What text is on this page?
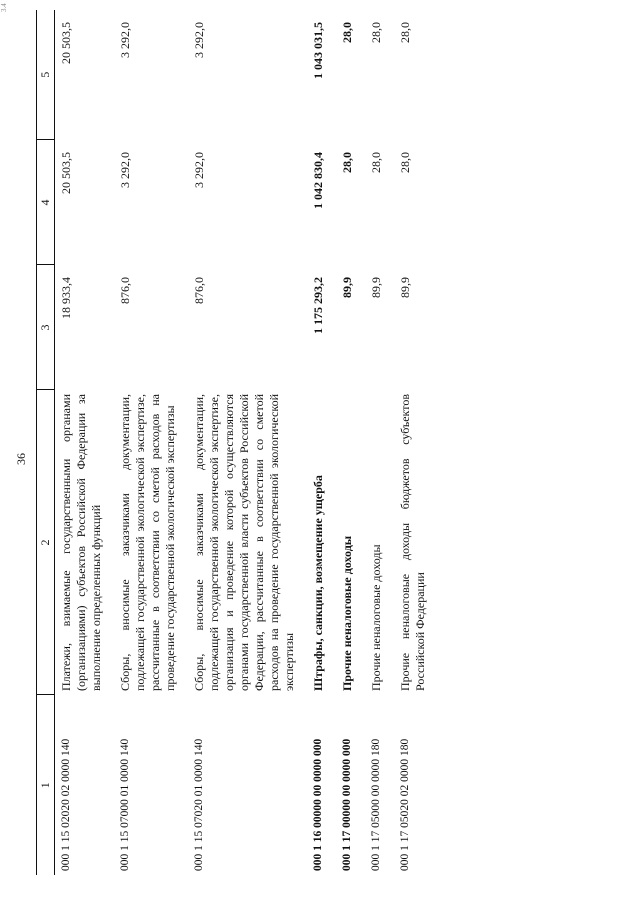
3.4
36
1	2	3	4	5
000 1 15 02020 02 0000 140	Платежи, взимаемые государственными органами (организациями) субъектов Российской Федерации за выполнение определенных функций	18 933,4	20 503,5	20 503,5
000 1 15 07000 01 0000 140	Сборы, вносимые заказчиками документации, подлежащей государственной экологической экспертизе, рассчитанные в соответствии со сметой расходов на проведение государственной экологической экспертизы	876,0	3 292,0	3 292,0
000 1 15 07020 01 0000 140	Сборы, вносимые заказчиками документации, подлежащей государственной экологической экспертизе, организация и проведение которой осуществляются органами государственной власти субъектов Российской Федерации, рассчитанные в соответствии со сметой расходов на проведение государственной экологической экспертизы	876,0	3 292,0	3 292,0
000 1 16 00000 00 0000 000	Штрафы, санкции, возмещение ущерба	1 175 293,2	1 042 830,4	1 043 031,5
000 1 17 00000 00 0000 000	Прочие неналоговые доходы	89,9	28,0	28,0
000 1 17 05000 00 0000 180	Прочие неналоговые доходы	89,9	28,0	28,0
000 1 17 05020 02 0000 180	Прочие неналоговые доходы бюджетов субъектов Российской Федерации	89,9	28,0	28,0
